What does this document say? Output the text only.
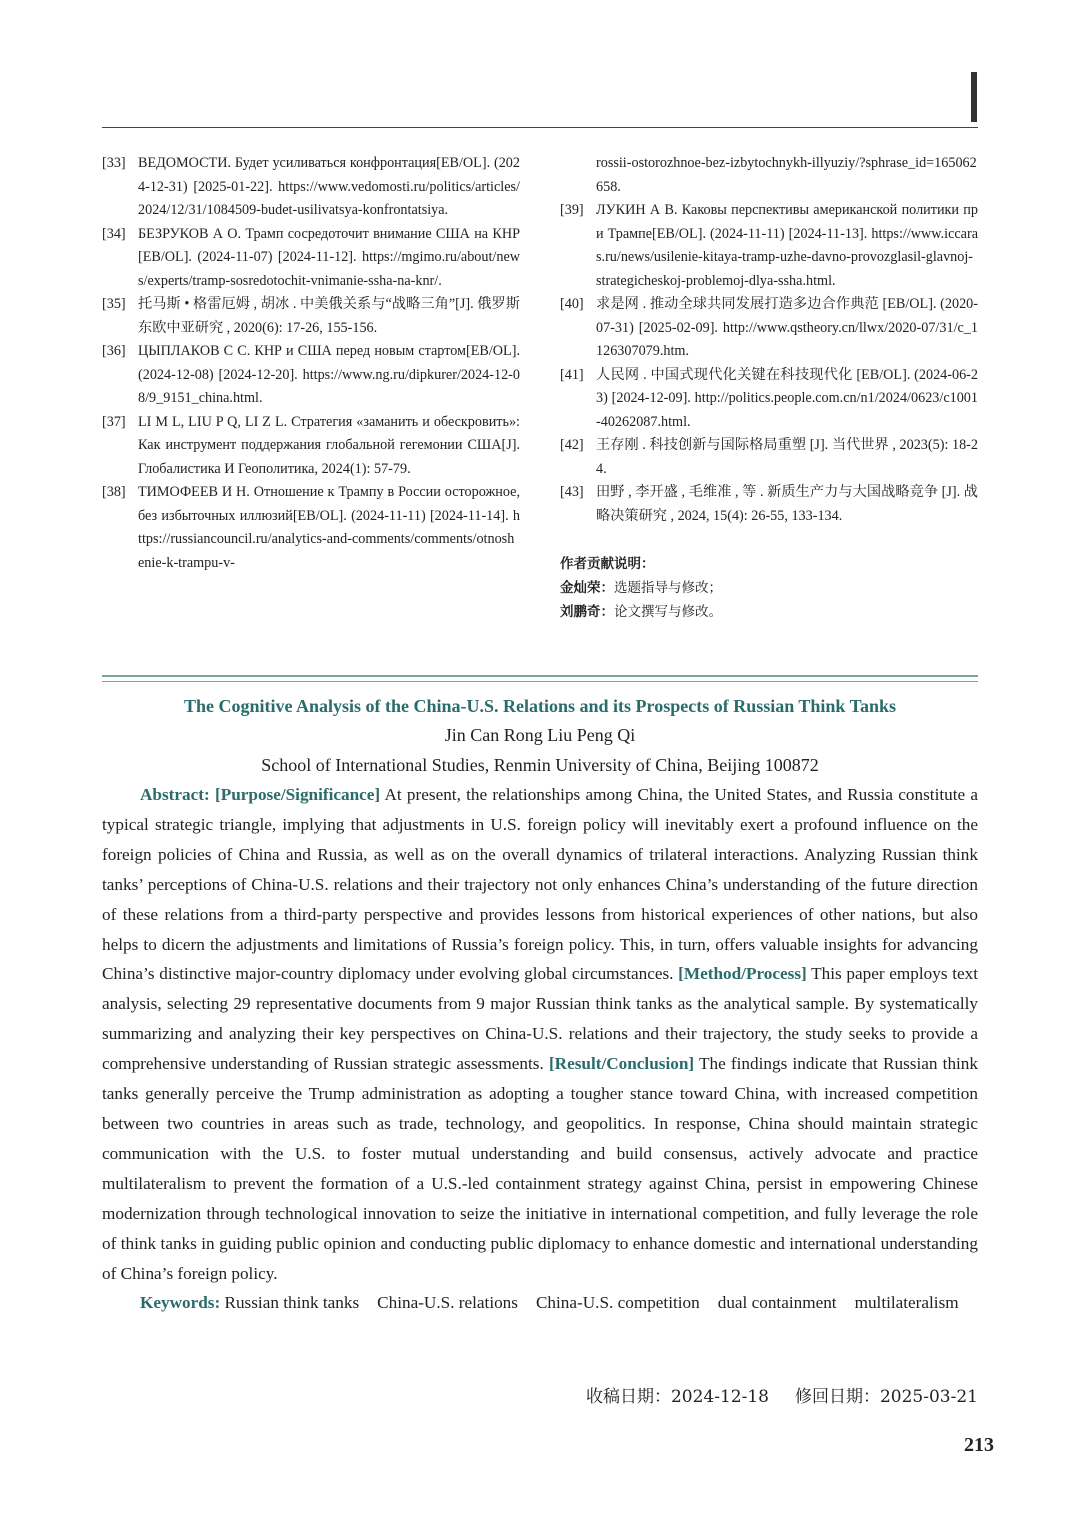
[33] ВЕДОМОСТИ. Будет усиливаться конфронтация[EB/OL]. (2024-12-31) [2025-01-22]. https://www.vedomosti.ru/politics/articles/2024/12/31/1084509-budet-usilivatsya-konfrontatsiya.
[34] БЕЗРУКОВ А О. Трамп сосредоточит внимание США на КНР[EB/OL]. (2024-11-07) [2024-11-12]. https://mgimo.ru/about/news/experts/tramp-sosredotochit-vnimanie-ssha-na-knr/.
[35] 托马斯 • 格雷厄姆 , 胡冰 . 中美俄关系与“战略三角”[J]. 俄罗斯东欧中亚研究 , 2020(6): 17-26, 155-156.
[36] ЦЫПЛАКОВ С С. КНР и США перед новым стартом[EB/OL]. (2024-12-08) [2024-12-20]. https://www.ng.ru/dipkurer/2024-12-08/9_9151_china.html.
[37] LI M L, LIU P Q, LI Z L. Стратегия «заманить и обескровить»: Как инструмент поддержания глобальной гегемонии США[J]. Глобалистика И Геополитика, 2024(1): 57-79.
[38] ТИМОФЕЕВ И Н. Отношение к Трампу в России осторожное, без избыточных иллюзий[EB/OL]. (2024-11-11) [2024-11-14]. https://russiancouncil.ru/analytics-and-comments/comments/otnoshenie-k-trampu-v-
rossii-ostorozhnoe-bez-izbytochnykh-illyuziy/?sphrase_id=165062658.
[39] ЛУКИН А В. Каковы перспективы американской политики при Трампе[EB/OL]. (2024-11-11) [2024-11-13]. https://www.iccaras.ru/news/usilenie-kitaya-tramp-uzhe-davno-provozglasil-glavnoj-strategicheskoj-problemoj-dlya-ssha.html.
[40] 求是网 . 推动全球共同发展打造多边合作典范 [EB/OL]. (2020-07-31) [2025-02-09]. http://www.qstheory.cn/llwx/2020-07/31/c_1126307079.htm.
[41] 人民网 . 中国式现代化关键在科技现代化 [EB/OL]. (2024-06-23) [2024-12-09]. http://politics.people.com.cn/n1/2024/0623/c1001-40262087.html.
[42] 王存刚 . 科技创新与国际格局重塑 [J]. 当代世界 , 2023(5): 18-24.
[43] 田野 , 李开盛 , 毛维准 , 等 . 新质生产力与大国战略竞争 [J]. 战略决策研究 , 2024, 15(4): 26-55, 133-134.
作者贡献说明：
金灿荣：选题指导与修改；
刘鹏奇：论文撰写与修改。
The Cognitive Analysis of the China-U.S. Relations and its Prospects of Russian Think Tanks
Jin Can Rong Liu Peng Qi
School of International Studies, Renmin University of China, Beijing 100872

Abstract: [Purpose/Significance] At present, the relationships among China, the United States, and Russia constitute a typical strategic triangle, implying that adjustments in U.S. foreign policy will inevitably exert a profound influence on the foreign policies of China and Russia, as well as on the overall dynamics of trilateral interactions. Analyzing Russian think tanks’ perceptions of China-U.S. relations and their trajectory not only enhances China’s understanding of the future direction of these relations from a third-party perspective and provides lessons from historical experiences of other nations, but also helps to dicern the adjustments and limitations of Russia’s foreign policy. This, in turn, offers valuable insights for advancing China’s distinctive major-country diplomacy under evolving global circumstances. [Method/Process] This paper employs text analysis, selecting 29 representative documents from 9 major Russian think tanks as the analytical sample. By systematically summarizing and analyzing their key perspectives on China-U.S. relations and their trajectory, the study seeks to provide a comprehensive understanding of Russian strategic assessments. [Result/Conclusion] The findings indicate that Russian think tanks generally perceive the Trump administration as adopting a tougher stance toward China, with increased competition between two countries in areas such as trade, technology, and geopolitics. In response, China should maintain strategic communication with the U.S. to foster mutual understanding and build consensus, actively advocate and practice multilateralism to prevent the formation of a U.S.-led containment strategy against China, persist in empowering Chinese modernization through technological innovation to seize the initiative in international competition, and fully leverage the role of think tanks in guiding public opinion and conducting public diplomacy to enhance domestic and international understanding of China’s foreign policy.

Keywords: Russian think tanks China-U.S. relations China-U.S. competition dual containment multilateralism

收稿日期：2024-12-18 修回日期：2025-03-21
213
